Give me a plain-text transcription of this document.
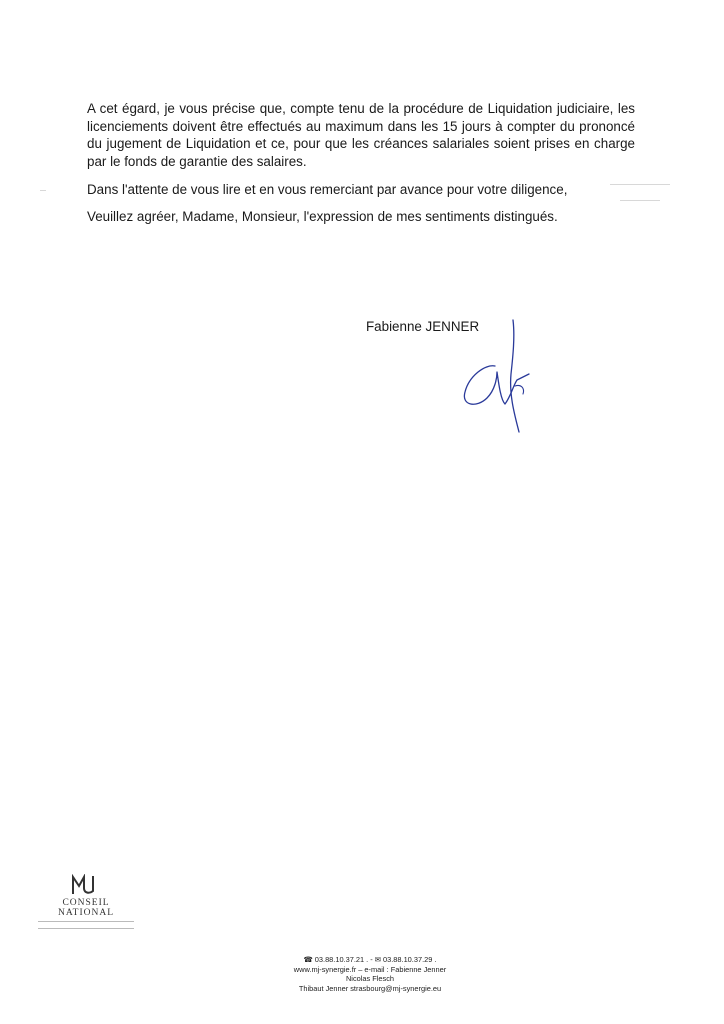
A cet égard, je vous précise que, compte tenu de la procédure de Liquidation judiciaire, les licenciements doivent être effectués au maximum dans les 15 jours à compter du prononcé du jugement de Liquidation et ce, pour que les créances salariales soient prises en charge par le fonds de garantie des salaires.

Dans l'attente de vous lire et en vous remerciant par avance pour votre diligence,

Veuillez agréer, Madame, Monsieur, l'expression de mes sentiments distingués.

Fabienne JENNER
CONSEIL
NATIONAL
☎ 03.88.10.37.21 . - ✉ 03.88.10.37.29 .
www.mj-synergie.fr – e-mail : Fabienne Jenner
Nicolas Flesch
Thibaut Jenner strasbourg@mj-synergie.eu
